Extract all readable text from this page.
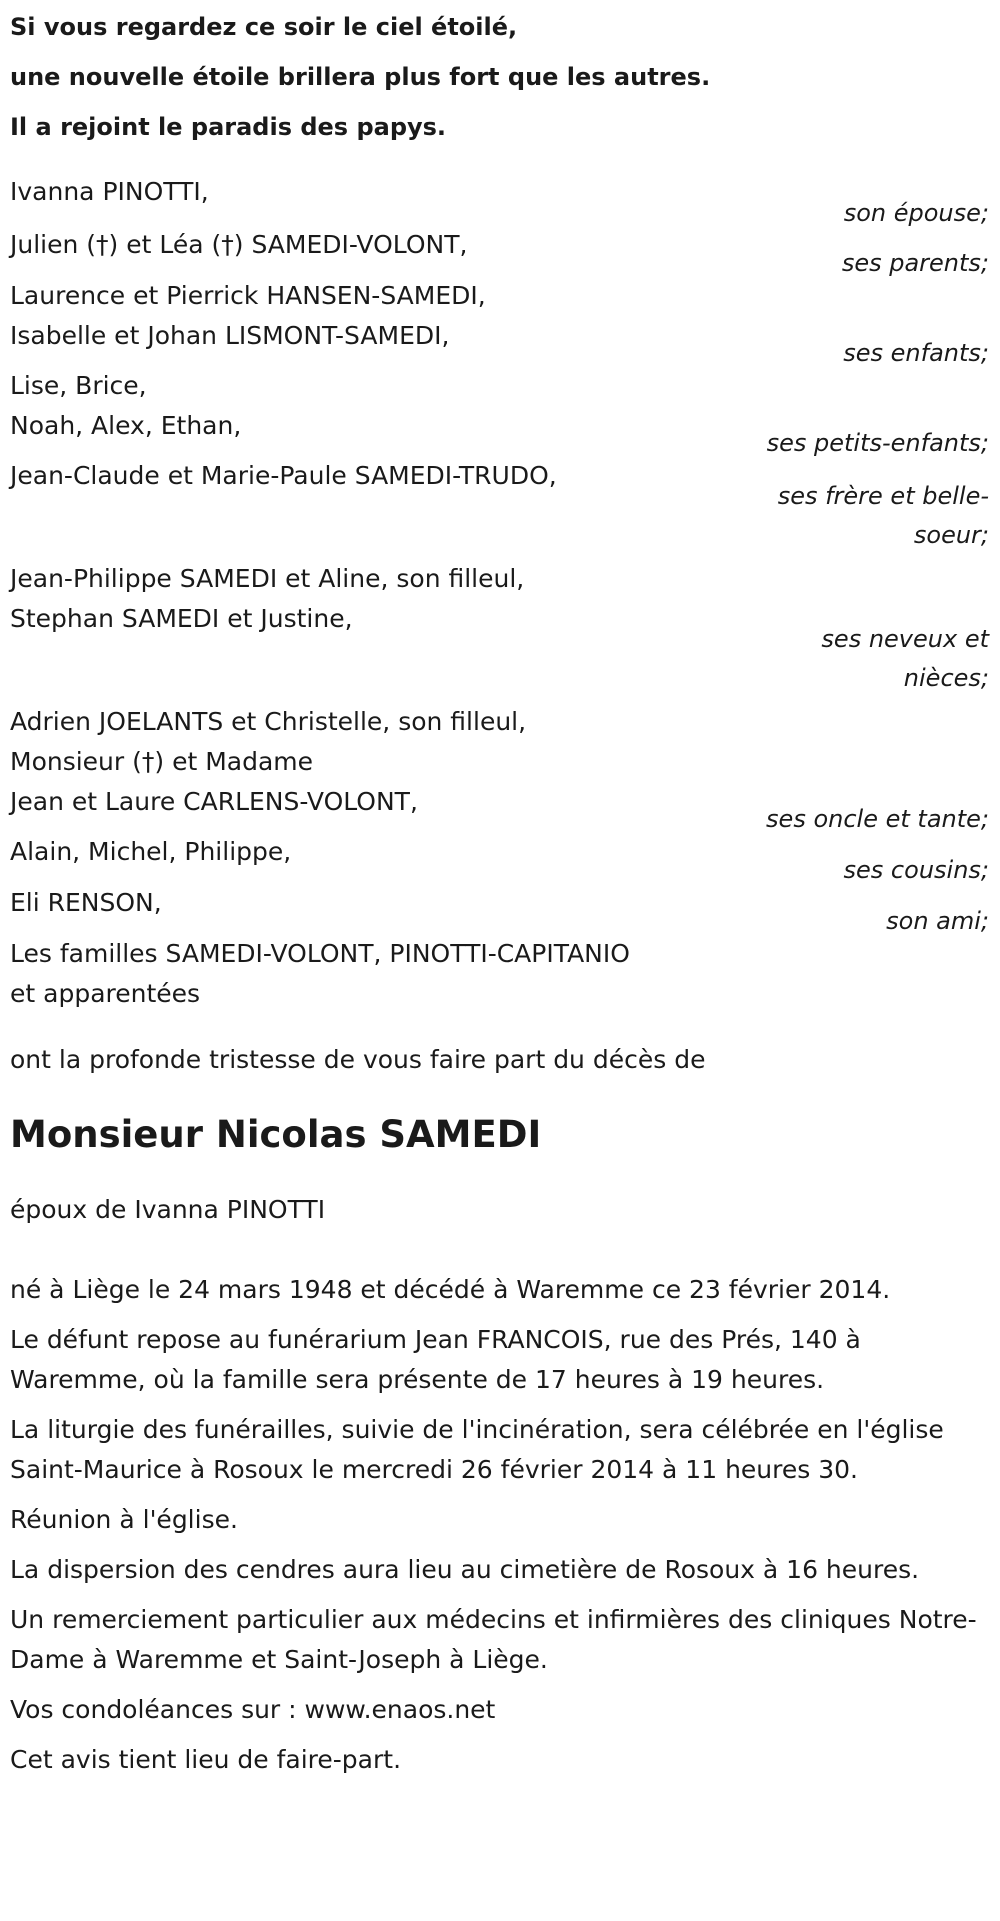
Si vous regardez ce soir le ciel étoilé,
une nouvelle étoile brillera plus fort que les autres.
Il a rejoint le paradis des papys.
Ivanna PINOTTI,
son épouse;
Julien (†) et Léa (†) SAMEDI-VOLONT,
ses parents;
Laurence et Pierrick HANSEN-SAMEDI,
Isabelle et Johan LISMONT-SAMEDI,
ses enfants;
Lise, Brice,
Noah, Alex, Ethan,
ses petits-enfants;
Jean-Claude et Marie-Paule SAMEDI-TRUDO,
ses frère et belle-soeur;
Jean-Philippe SAMEDI et Aline, son filleul,
Stephan SAMEDI et Justine,
ses neveux et nièces;
Adrien JOELANTS et Christelle, son filleul,
Monsieur (†) et Madame
Jean et Laure CARLENS-VOLONT,
ses oncle et tante;
Alain, Michel, Philippe,
ses cousins;
Eli RENSON,
son ami;
Les familles SAMEDI-VOLONT, PINOTTI-CAPITANIO
et apparentées
ont la profonde tristesse de vous faire part du décès de
Monsieur Nicolas SAMEDI
époux de Ivanna PINOTTI

né à Liège le 24 mars 1948 et décédé à Waremme ce 23 février 2014.

Le défunt repose au funérarium Jean FRANCOIS, rue des Prés, 140 à Waremme, où la famille sera présente de 17 heures à 19 heures.

La liturgie des funérailles, suivie de l'incinération, sera célébrée en l'église Saint-Maurice à Rosoux le mercredi 26 février 2014 à 11 heures 30.

Réunion à l'église.

La dispersion des cendres aura lieu au cimetière de Rosoux à 16 heures.

Un remerciement particulier aux médecins et infirmières des cliniques Notre-Dame à Waremme et Saint-Joseph à Liège.

Vos condoléances sur : www.enaos.net

Cet avis tient lieu de faire-part.
